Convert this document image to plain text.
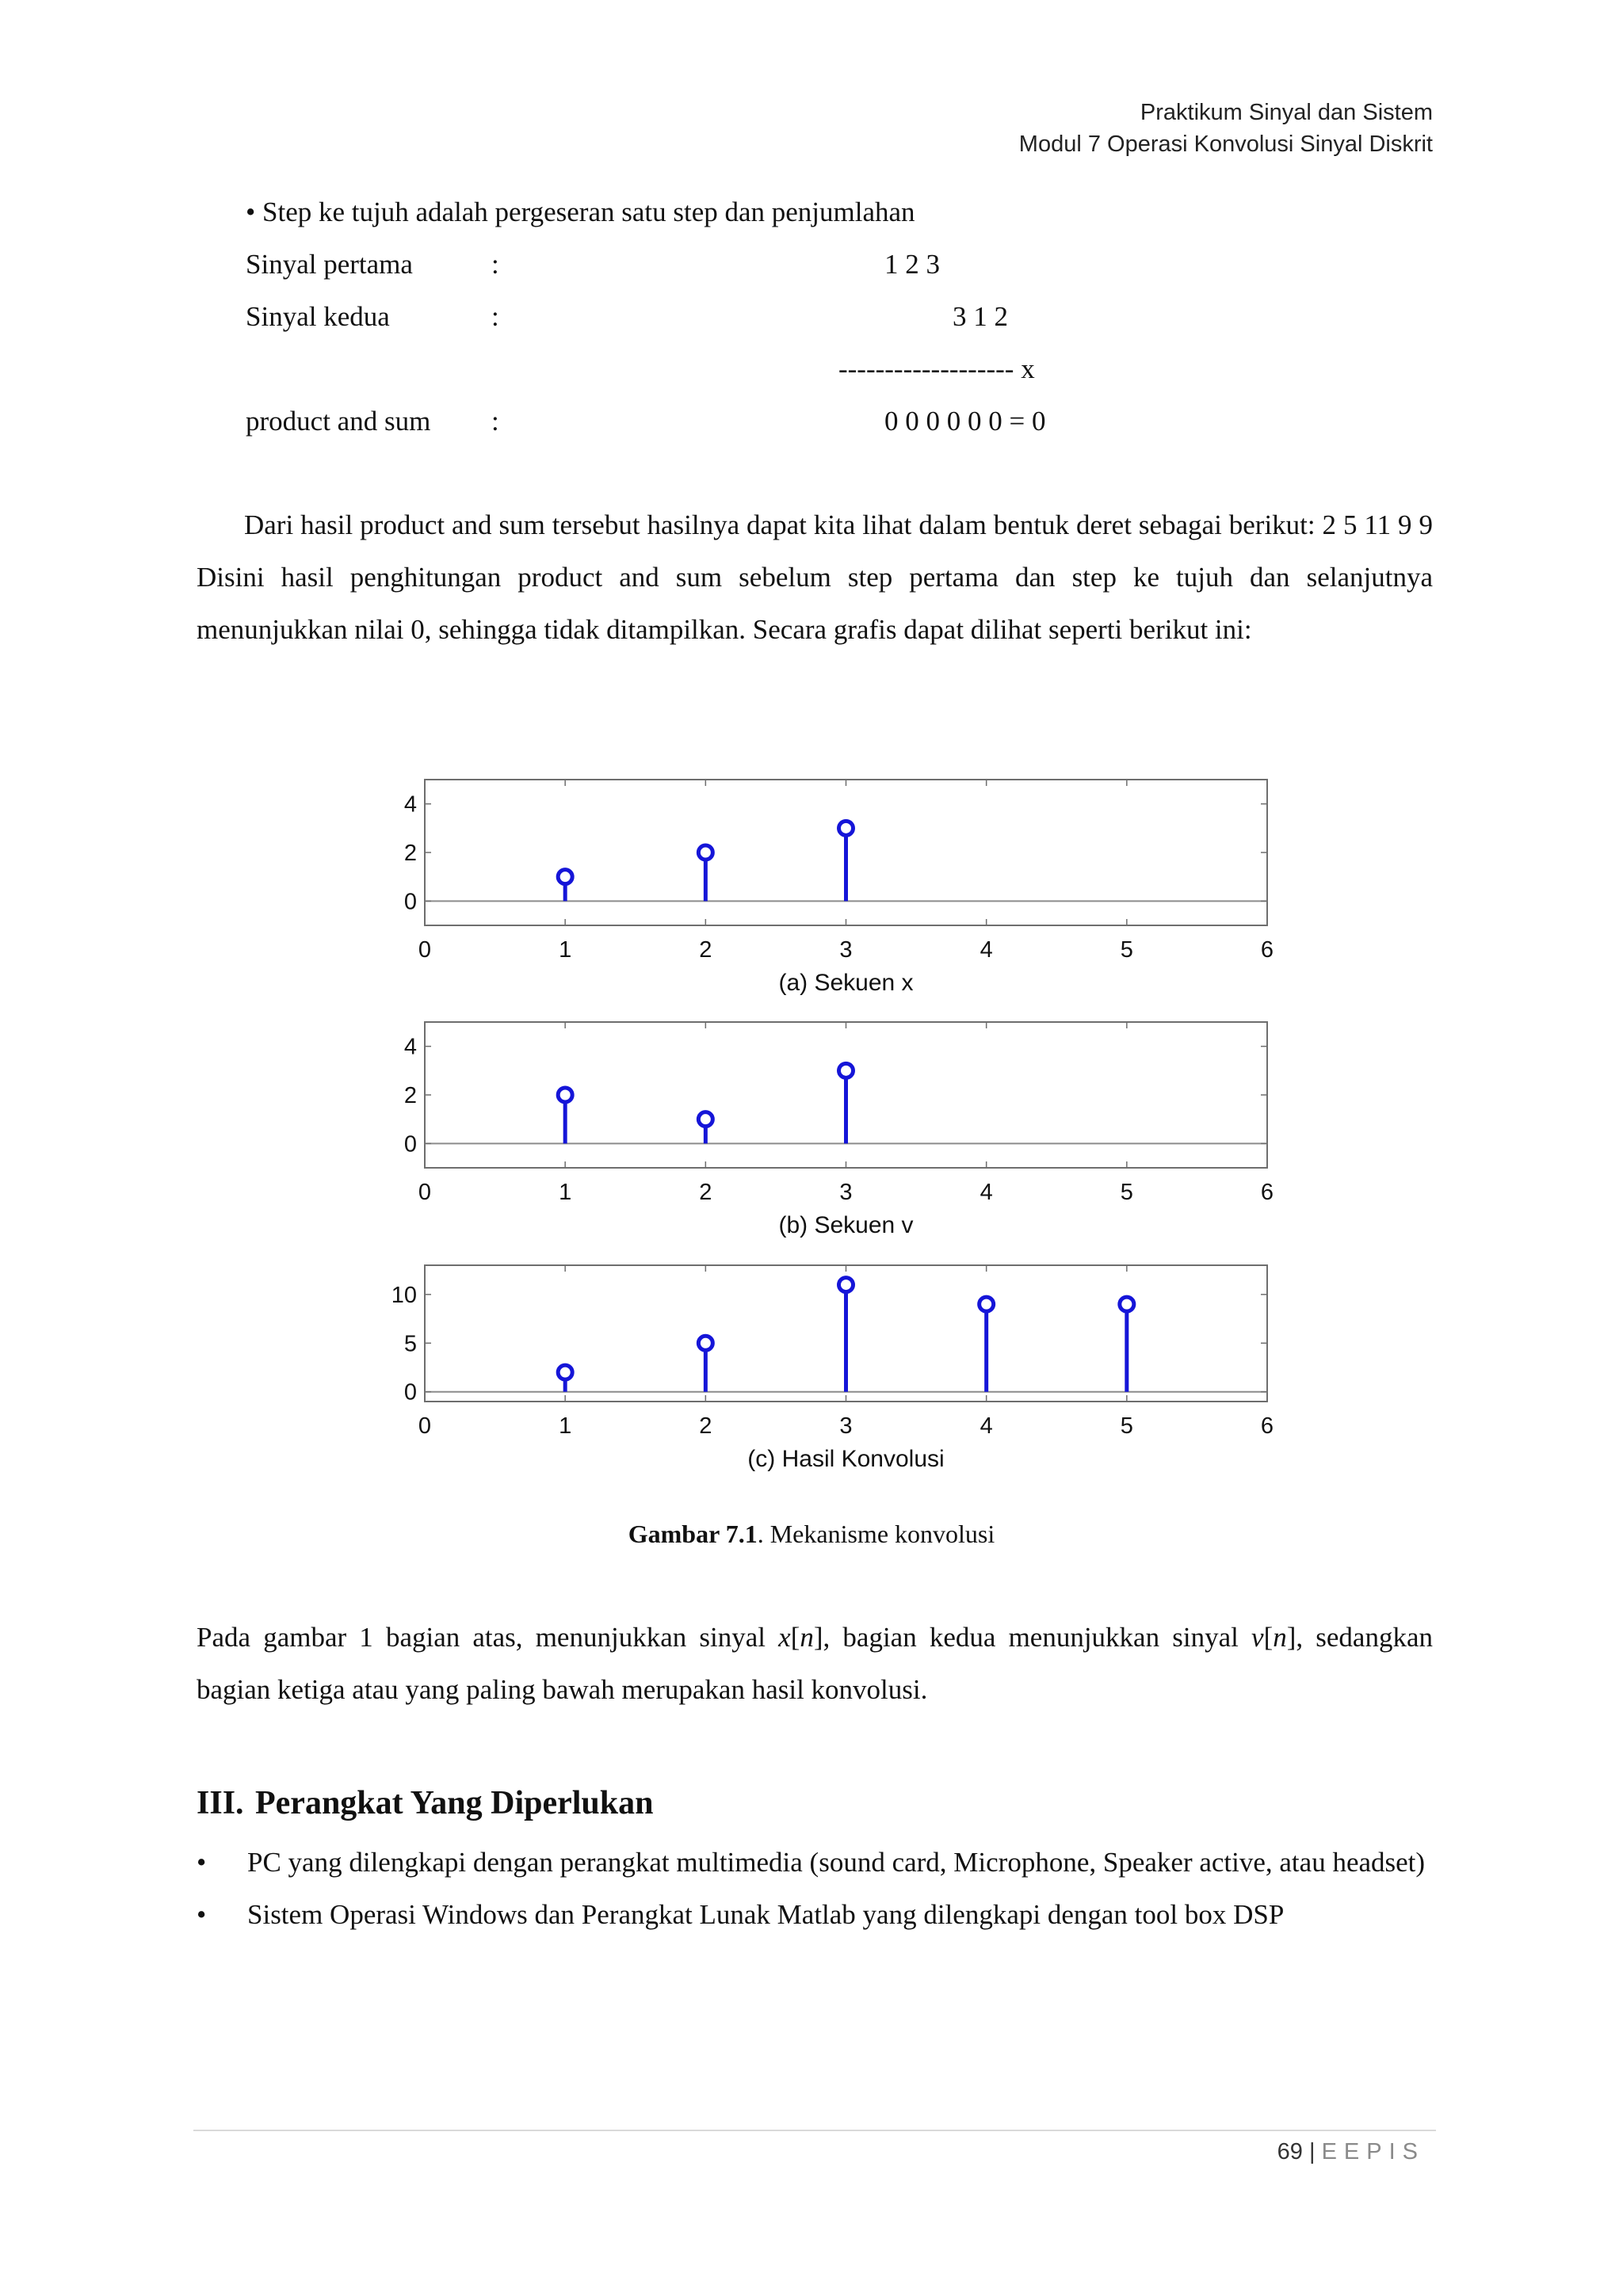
Praktikum Sinyal dan Sistem
Modul 7 Operasi Konvolusi Sinyal Diskrit
• Step ke tujuh adalah pergeseran satu step dan penjumlahan
Sinyal pertama	:	1 2 3
Sinyal kedua	:	3 1 2
------------------- x
product and sum :	0 0 0 0 0 0 = 0

Dari hasil product and sum tersebut hasilnya dapat kita lihat dalam bentuk deret sebagai berikut: 2 5 11 9 9 Disini hasil penghitungan product and sum sebelum step pertama dan step ke tujuh dan selanjutnya menunjukkan nilai 0, sehingga tidak ditampilkan. Secara grafis dapat dilihat seperti berikut ini:

0	1	2	3	4	5	6
0
2
4
(a) Sekuen x
0	1	2	3	4	5	6
0
2
4
(b) Sekuen v
0	1	2	3	4	5	6
0
5
10
(c) Hasil Konvolusi
Gambar 7.1. Mekanisme konvolusi

Pada gambar 1 bagian atas, menunjukkan sinyal x[n], bagian kedua menunjukkan sinyal v[n], sedangkan bagian ketiga atau yang paling bawah merupakan hasil konvolusi.

III. Perangkat Yang Diperlukan
• PC yang dilengkapi dengan perangkat multimedia (sound card, Microphone, Speaker active, atau headset)
• Sistem Operasi Windows dan Perangkat Lunak Matlab yang dilengkapi dengan tool box DSP
69 | EEPIS
